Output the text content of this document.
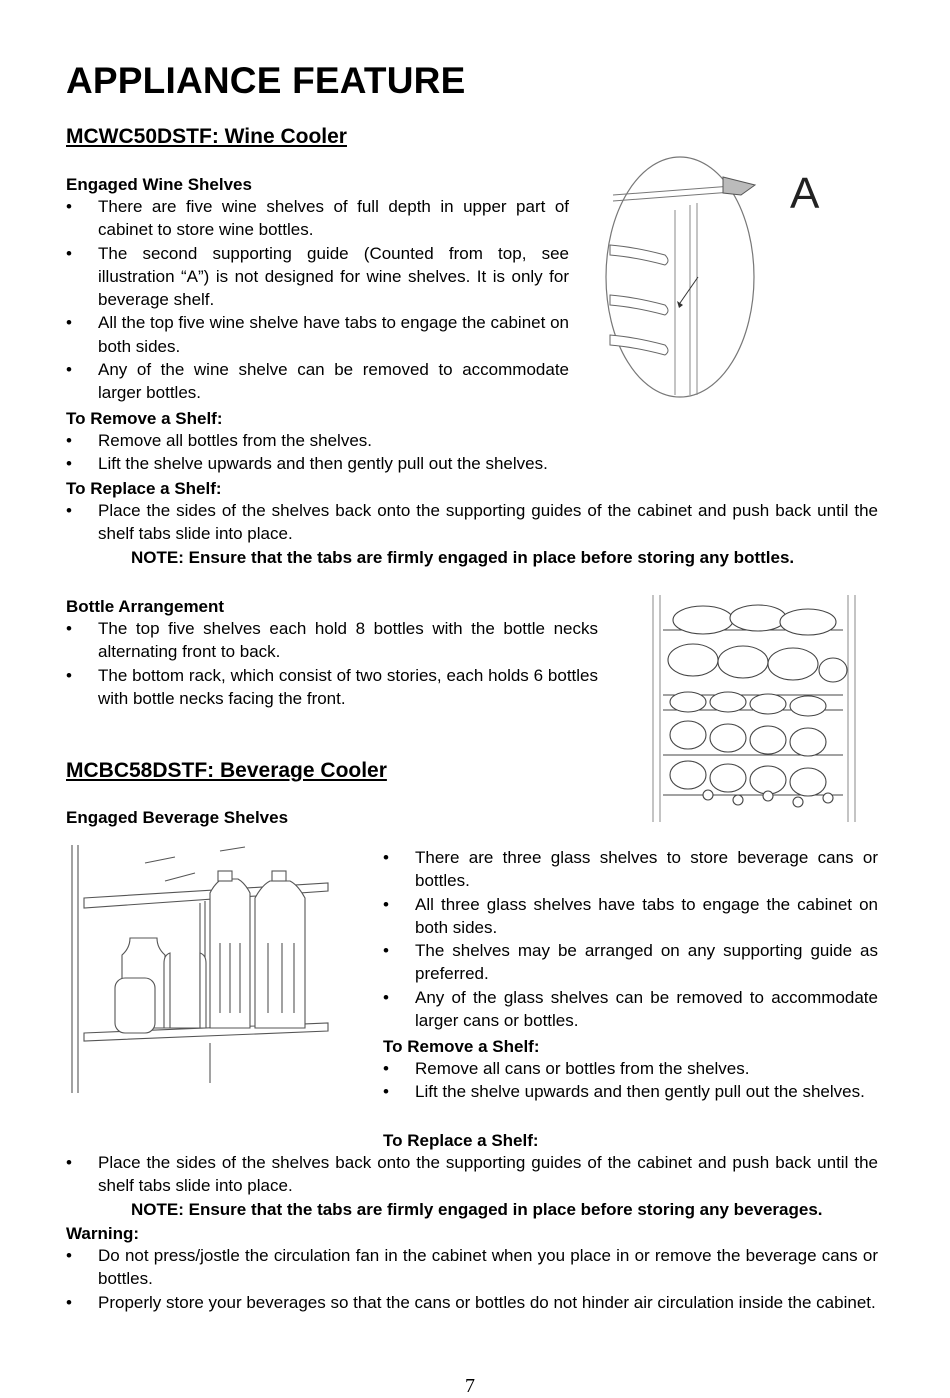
APPLIANCE FEATURE
MCWC50DSTF: Wine Cooler

Engaged Wine Shelves

• There are five wine shelves of full depth in upper part of cabinet to store wine bottles.
• The second supporting guide (Counted from top, see illustration “A”) is not designed for wine shelves. It is only for beverage shelf.
• All the top five wine shelve have tabs to engage the cabinet on both sides.
• Any of the wine shelve can be removed to accommodate larger bottles.

To Remove a Shelf:

• Remove all bottles from the shelves.
• Lift the shelve upwards and then gently pull out the shelves.

To Replace a Shelf:

• Place the sides of the shelves back onto the supporting guides of the cabinet and push back until the shelf tabs slide into place.

NOTE: Ensure that the tabs are firmly engaged in place before storing any bottles.

A

Bottle Arrangement

• The top five shelves each hold 8 bottles with the bottle necks alternating front to back.
• The bottom rack, which consist of two stories, each holds 6 bottles with bottle necks facing the front.
MCBC58DSTF: Beverage Cooler

Engaged Beverage Shelves

• There are three glass shelves to store beverage cans or bottles.
• All three glass shelves have tabs to engage the cabinet on both sides.
• The shelves may be arranged on any supporting guide as preferred.
• Any of the glass shelves can be removed to accommodate larger cans or bottles.

To Remove a Shelf:

• Remove all cans or bottles from the shelves.
• Lift the shelve upwards and then gently pull out the shelves.

To Replace a Shelf:

• Place the sides of the shelves back onto the supporting guides of the cabinet and push back until the shelf tabs slide into place.

NOTE: Ensure that the tabs are firmly engaged in place before storing any beverages.

Warning:

• Do not press/jostle the circulation fan in the cabinet when you place in or remove the beverage cans or bottles.
• Properly store your beverages so that the cans or bottles do not hinder air circulation inside the cabinet.
7
